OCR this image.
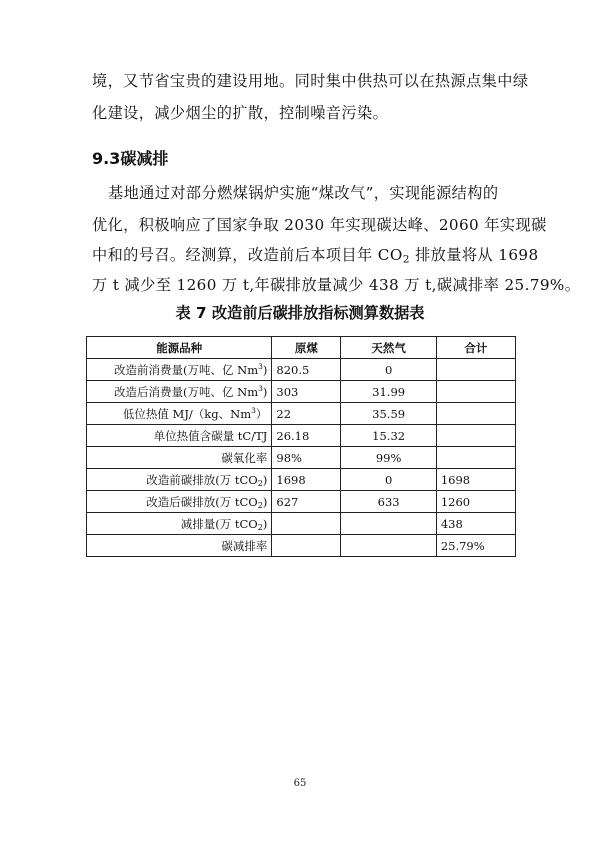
境，又节省宝贵的建设用地。同时集中供热可以在热源点集中绿
化建设，减少烟尘的扩散，控制噪音污染。
9.3碳减排
基地通过对部分燃煤锅炉实施“煤改气”，实现能源结构的
优化，积极响应了国家争取 2030 年实现碳达峰、2060 年实现碳
中和的号召。经测算，改造前后本项目年 $CO_2$ 排放量将从 1698
万 t 减少至 1260 万 t,年碳排放量减少 438 万 t,碳减排率 25.79%。
表 7 改造前后碳排放指标测算数据表
能源品种	原煤	天然气	合计
改造前消费量(万吨、亿 Nm$^3$)	820.5	0	
改造后消费量(万吨、亿 Nm$^3$)	303	31.99	
低位热值 MJ/（kg、Nm$^3$）	22	35.59	
单位热值含碳量 tC/TJ	26.18	15.32	
碳氧化率	98%	99%	
改造前碳排放(万 tCO$_2$)	1698	0	1698
改造后碳排放(万 tCO$_2$)	627	633	1260
减排量(万 tCO$_2$)			438
碳减排率			25.79%
65
